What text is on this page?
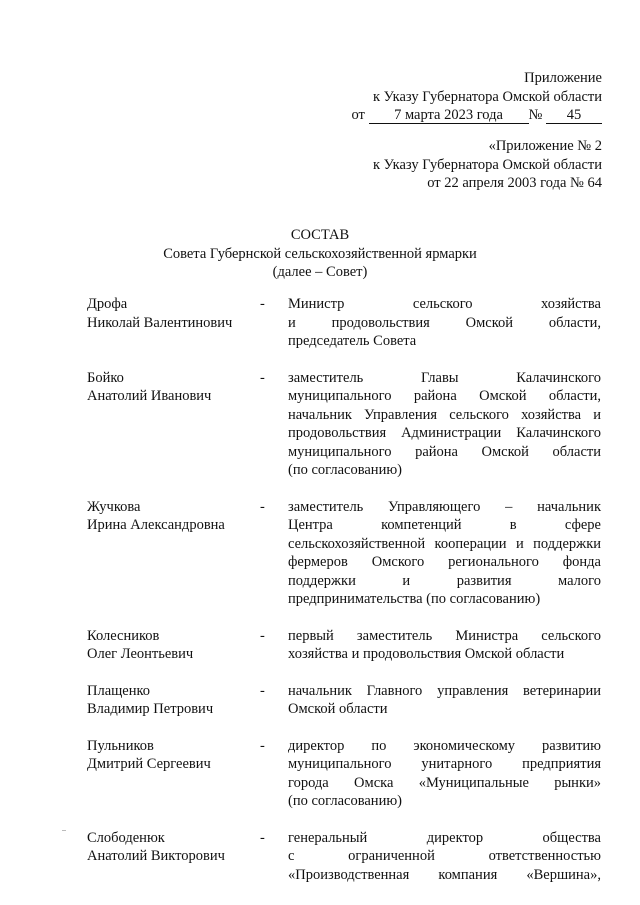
Приложение
к Указу Губернатора Омской области
от 7 марта 2023 года № 45
«Приложение № 2
к Указу Губернатора Омской области
от 22 апреля 2003 года № 64
СОСТАВ
Совета Губернской сельскохозяйственной ярмарки
(далее – Совет)
Дрофа
Николай Валентинович
-	Министр сельского хозяйства
и продовольствия Омской области,
председатель Совета
Бойко
Анатолий Иванович
-	заместитель Главы Калачинского
муниципального района Омской области,
начальник Управления сельского хозяйства и
продовольствия Администрации Калачинского
муниципального района Омской области
(по согласованию)
Жучкова
Ирина Александровна
-	заместитель Управляющего – начальник
Центра компетенций в сфере
сельскохозяйственной кооперации и поддержки
фермеров Омского регионального фонда
поддержки и развития малого
предпринимательства (по согласованию)
Колесников
Олег Леонтьевич
-	первый заместитель Министра сельского
хозяйства и продовольствия Омской области
Плащенко
Владимир Петрович
-	начальник Главного управления ветеринарии
Омской области
Пульников
Дмитрий Сергеевич
-	директор по экономическому развитию
муниципального унитарного предприятия
города Омска «Муниципальные рынки»
(по согласованию)
Слободенюк
Анатолий Викторович
-	генеральный директор общества
с ограниченной ответственностью
«Производственная компания «Вершина»,
